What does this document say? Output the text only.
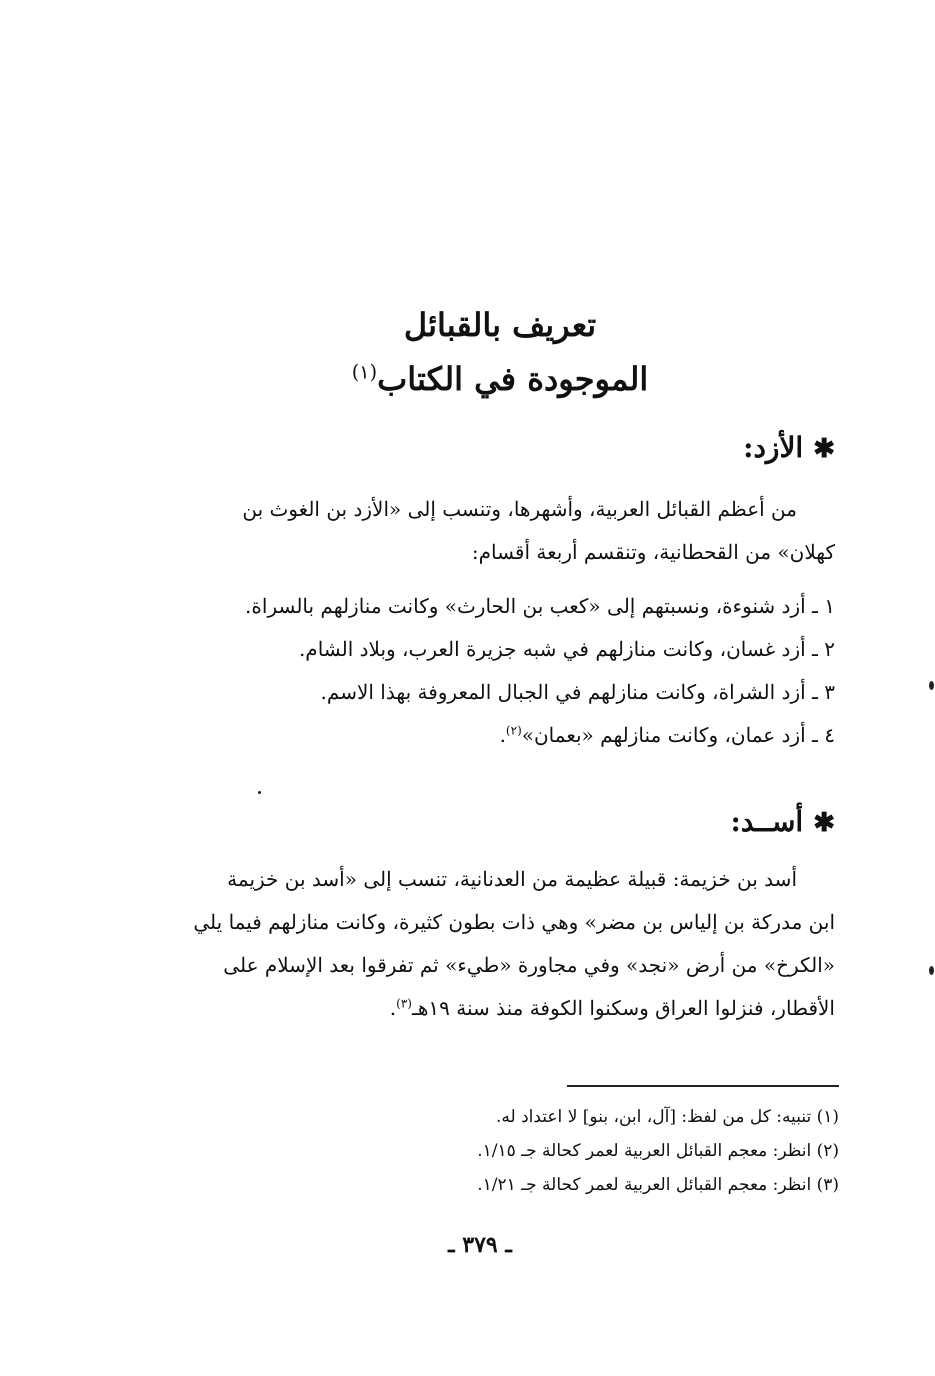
تعريف بالقبائل
الموجودة في الكتاب$^{(١)}$
✱الأزد:

من أعظم القبائل العربية، وأشهرها، وتنسب إلى «الأزد بن الغوث بن

كهلان» من القحطانية، وتنقسم أربعة أقسام:

١ ـ أزد شنوءة، ونسبتهم إلى «كعب بن الحارث» وكانت منازلهم بالسراة.
٢ ـ أزد غسان، وكانت منازلهم في شبه جزيرة العرب، وبلاد الشام.
٣ ـ أزد الشراة، وكانت منازلهم في الجبال المعروفة بهذا الاسم.
٤ ـ أزد عمان، وكانت منازلهم «بعمان»$^{(٢)}$.
✱أســد:

أسد بن خزيمة: قبيلة عظيمة من العدنانية، تنسب إلى «أسد بن خزيمة

ابن مدركة بن إلياس بن مضر» وهي ذات بطون كثيرة، وكانت منازلهم فيما يلي

«الكرخ» من أرض «نجد» وفي مجاورة «طيء» ثم تفرقوا بعد الإسلام على

الأقطار، فنزلوا العراق وسكنوا الكوفة منذ سنة ١٩هـ$^{(٣)}$.

(١) تنبيه: كل من لفظ: [آل، ابن، بنو] لا اعتداد له.
(٢) انظر: معجم القبائل العربية لعمر كحالة جـ ١/١٥.
(٣) انظر: معجم القبائل العربية لعمر كحالة جـ ١/٢١.
ـ ٣٧٩ ـ
